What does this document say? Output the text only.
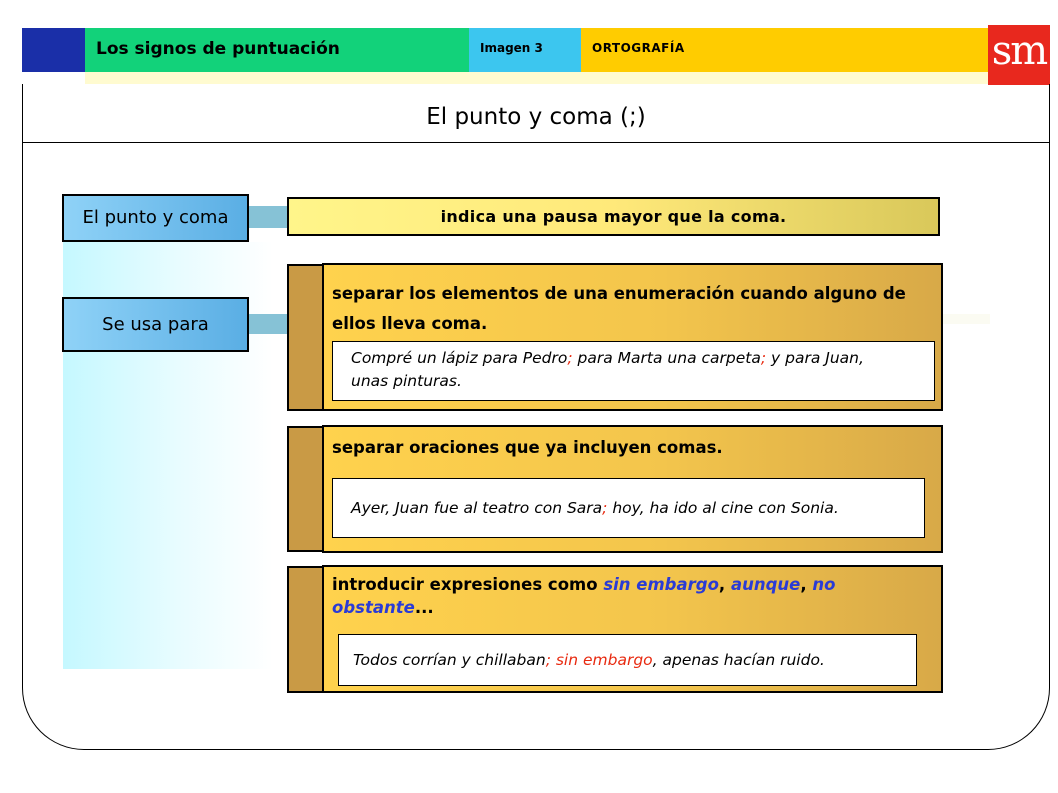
Los signos de puntuación	Imagen 3	ORTOGRAFÍA	sm
El punto y coma (;)
El punto y coma
Se usa para
indica una pausa mayor que la coma.
separar los elementos de una enumeración cuando alguno de
ellos lleva coma.
Compré un lápiz para Pedro; para Marta una carpeta; y para Juan,
unas pinturas.
separar oraciones que ya incluyen comas.
Ayer, Juan fue al teatro con Sara; hoy, ha ido al cine con Sonia.
introducir expresiones como sin embargo, aunque, no
obstante...
Todos corrían y chillaban; sin embargo, apenas hacían ruido.
